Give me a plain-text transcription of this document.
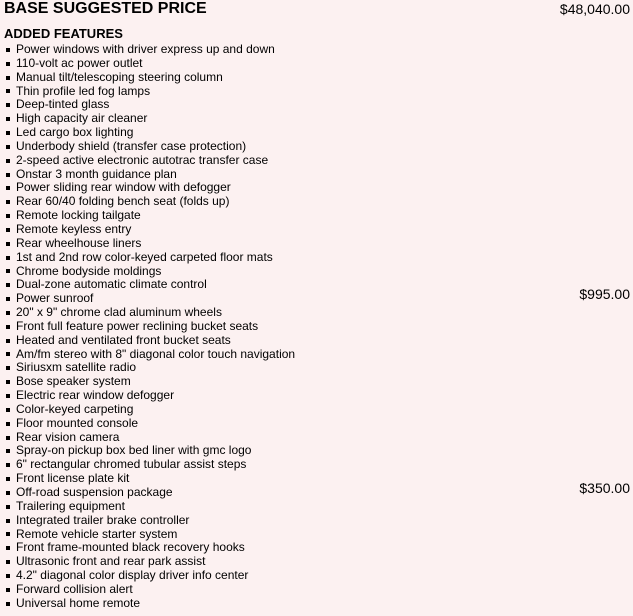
BASE SUGGESTED PRICE	$48,040.00
ADDED FEATURES
Power windows with driver express up and down
110-volt ac power outlet
Manual tilt/telescoping steering column
Thin profile led fog lamps
Deep-tinted glass
High capacity air cleaner
Led cargo box lighting
Underbody shield (transfer case protection)
2-speed active electronic autotrac transfer case
Onstar 3 month guidance plan
Power sliding rear window with defogger
Rear 60/40 folding bench seat (folds up)
Remote locking tailgate
Remote keyless entry
Rear wheelhouse liners
1st and 2nd row color-keyed carpeted floor mats
Chrome bodyside moldings
Dual-zone automatic climate control
Power sunroof	$995.00
20" x 9" chrome clad aluminum wheels
Front full feature power reclining bucket seats
Heated and ventilated front bucket seats
Am/fm stereo with 8" diagonal color touch navigation
Siriusxm satellite radio
Bose speaker system
Electric rear window defogger
Color-keyed carpeting
Floor mounted console
Rear vision camera
Spray-on pickup box bed liner with gmc logo
6" rectangular chromed tubular assist steps
Front license plate kit
Off-road suspension package	$350.00
Trailering equipment
Integrated trailer brake controller
Remote vehicle starter system
Front frame-mounted black recovery hooks
Ultrasonic front and rear park assist
4.2" diagonal color display driver info center
Forward collision alert
Universal home remote
